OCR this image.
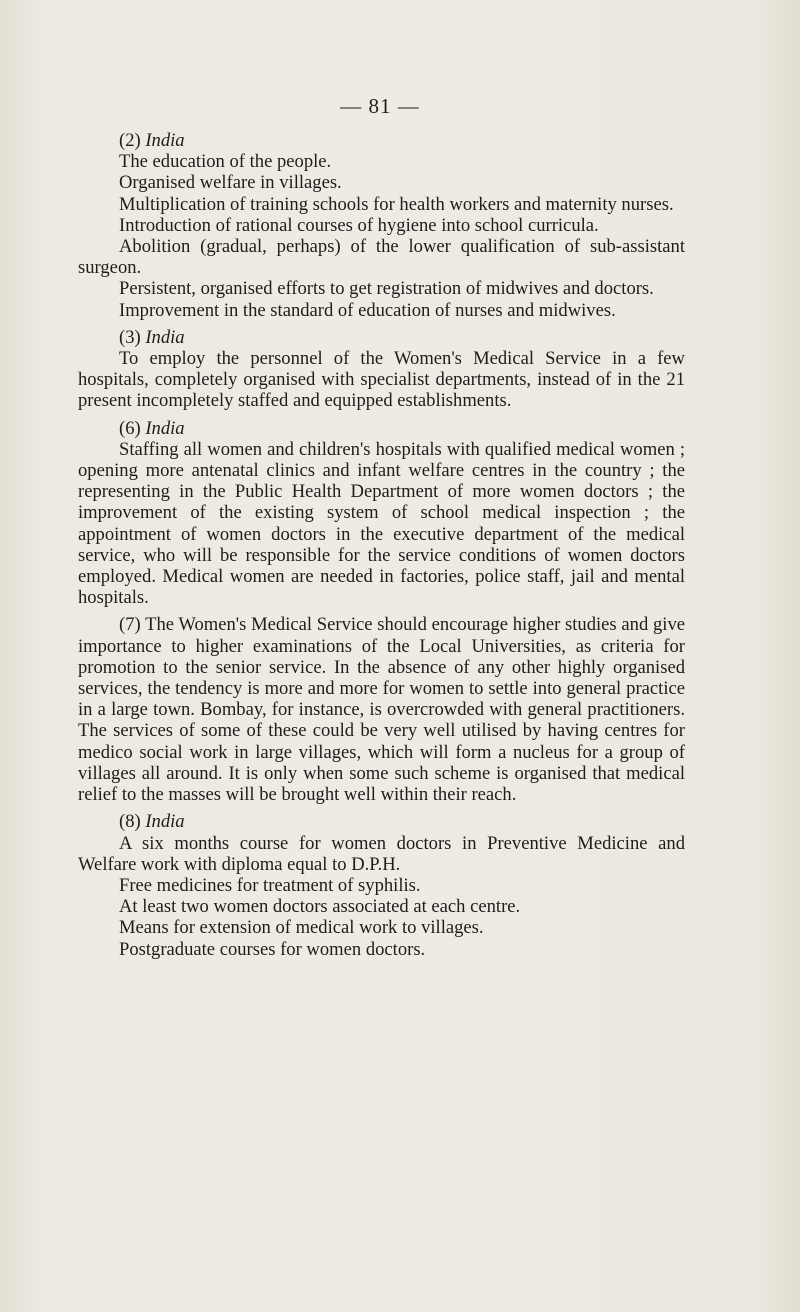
— 81 —

(2) India

The education of the people.

Organised welfare in villages.

Multiplication of training schools for health workers and maternity nurses.

Introduction of rational courses of hygiene into school curricula.

Abolition (gradual, perhaps) of the lower qualification of sub-assistant surgeon.

Persistent, organised efforts to get registration of midwives and doctors.

Improvement in the standard of education of nurses and midwives.

(3) India

To employ the personnel of the Women's Medical Service in a few hospitals, completely organised with specialist departments, instead of in the 21 present incompletely staffed and equipped establishments.

(6) India

Staffing all women and children's hospitals with qualified medical women ; opening more antenatal clinics and infant welfare centres in the country ; the representing in the Public Health Department of more women doctors ; the improvement of the existing system of school medical inspection ; the appointment of women doctors in the executive department of the medical service, who will be responsible for the service conditions of women doctors employed. Medical women are needed in factories, police staff, jail and mental hospitals.

(7) The Women's Medical Service should encourage higher studies and give importance to higher examinations of the Local Universities, as criteria for promotion to the senior service. In the absence of any other highly organised services, the tendency is more and more for women to settle into general practice in a large town. Bombay, for instance, is overcrowded with general practitioners. The services of some of these could be very well utilised by having centres for medico social work in large villages, which will form a nucleus for a group of villages all around. It is only when some such scheme is organised that medical relief to the masses will be brought well within their reach.

(8) India

A six months course for women doctors in Preventive Medicine and Welfare work with diploma equal to D.P.H.

Free medicines for treatment of syphilis.

At least two women doctors associated at each centre.

Means for extension of medical work to villages.

Postgraduate courses for women doctors.
